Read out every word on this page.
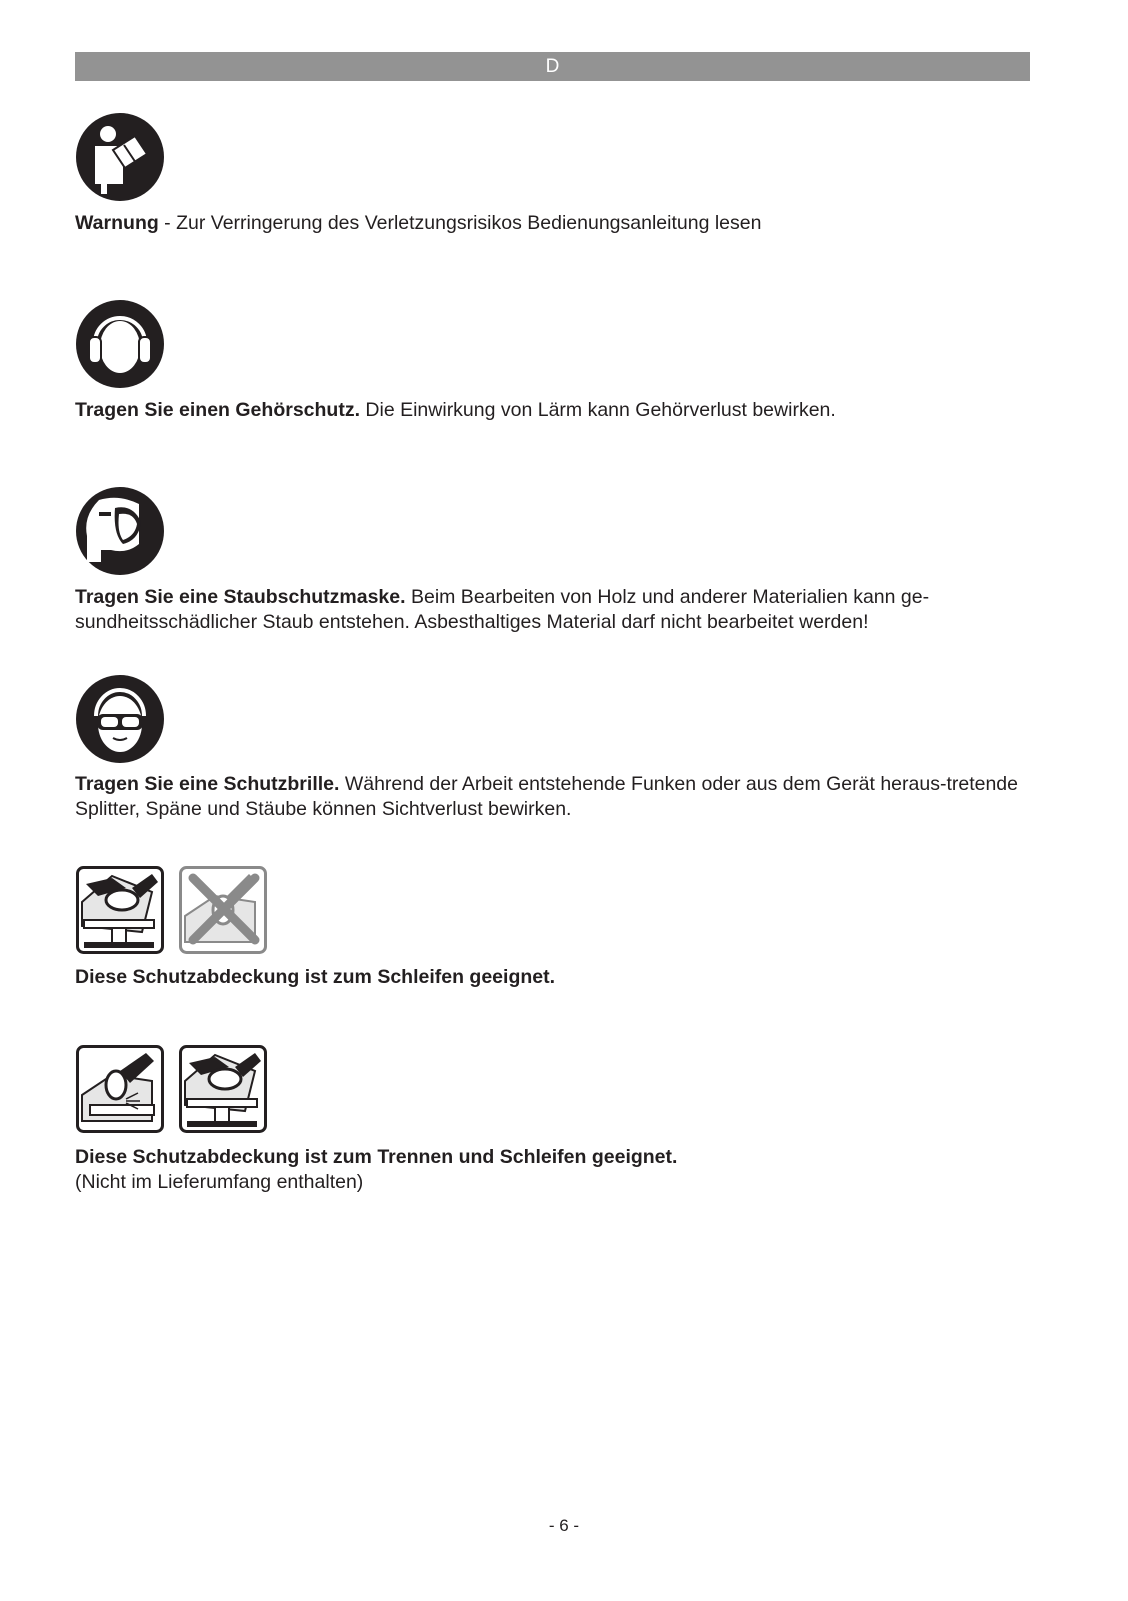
D

Warnung - Zur Verringerung des Verletzungsrisikos Bedienungsanleitung lesen

Tragen Sie einen Gehörschutz. Die Einwirkung von Lärm kann Gehörverlust bewirken.

Tragen Sie eine Staubschutzmaske. Beim Bearbeiten von Holz und anderer Materialien kann ge-sundheitsschädlicher Staub entstehen. Asbesthaltiges Material darf nicht bearbeitet werden!

Tragen Sie eine Schutzbrille. Während der Arbeit entstehende Funken oder aus dem Gerät heraus-tretende Splitter, Späne und Stäube können Sichtverlust bewirken.

Diese Schutzabdeckung ist zum Schleifen geeignet.

Diese Schutzabdeckung ist zum Trennen und Schleifen geeignet.
(Nicht im Lieferumfang enthalten)

- 6 -
